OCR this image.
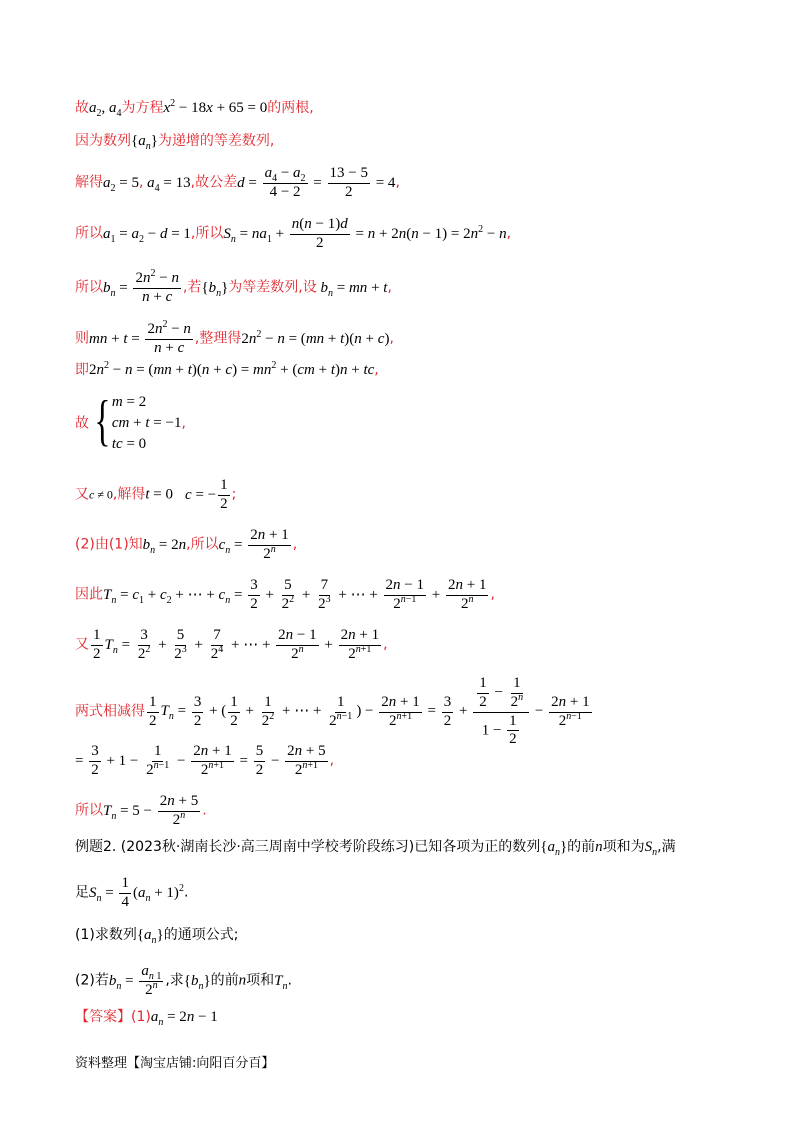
故$a_2$, $a_4$为方程$x^2 - 18x + 65 = 0$的两根,
因为数列$\{a_n\}$为递增的等差数列,
解得$a_2 = 5$, $a_4 = 13$,故公差$d = \frac{a_4 - a_2}{4 - 2} = \frac{13 - 5}{2} = 4$,
所以$a_1 = a_2 - d = 1$,所以$S_n = na_1 + \frac{n(n - 1)d}{2} = n + 2n(n - 1) = 2n^2 - n$,
所以$b_n = \frac{2n^2 - n}{n + c}$ ,若$\{b_n\}$为等差数列,设 $b_n$ = mn + t,
则mn + $t = \frac{2n^2 - n}{n + c}$ ,整理得$2n^2 - n = (mn + t)(n + c)$,
即$2n^2 - n = (mn + t)(n + c) = mn^2 + (cm + t)n$ + tc,
故 { m = 2
cm + t = −1
tc = 0
,
又c ≠ 0,解得t = 0 c = − $\frac{1}{2}$ ;
(2)由(1)知$b_n = 2n$,所以$c_n = \frac{2n + 1}{2^n}$ ,
因此$T_n = c_1 + c_2$ + ⋯ + $c_n = \frac{3}{2} + \frac{5}{2^2} + \frac{7}{2^3}$ + ⋯ + $\frac{2n - 1}{2^{n-1}} + \frac{2n + 1}{2^n}$ ,
又 $\frac{1}{2} T_n = \frac{3}{2^2} + \frac{5}{2^3} + \frac{7}{2^4}$ + ⋯ + $\frac{2n - 1}{2^n} + \frac{2n + 1}{2^{n+1}}$ ,
两式相减得 $\frac{1}{2} T_n = \frac{3}{2}$ + ( $\frac{1}{2} + \frac{1}{2^2}$ + ⋯ + $\frac{1}{2^{n-1}}$ ) − $\frac{2n + 1}{2^{n+1}} = \frac{3}{2} + \frac{\frac{1}{2} - \frac{1}{2^n}}{1 - \frac{1}{2}} - \frac{2n + 1}{2^{n-1}}$
= $\frac{3}{2} + 1 - \frac{1}{2^{n-1}} - \frac{2n + 1}{2^{n+1}} = \frac{5}{2} - \frac{2n + 5}{2^{n+1}}$ ,
所以$T_n = 5 - \frac{2n + 5}{2^n}$ .
例题2. (2023秋·湖南长沙·高三周南中学校考阶段练习)已知各项为正的数列$\{a_n\}$的前n项和为$S_n$,满
足$S_n = \frac{1}{4} (a_n + 1)^2$.
(1)求数列$\{a_n\}$的通项公式;
(2)若$b_n = \frac{a_{n 1}}{2^n}$ ,求$\{b_n\}$的前n项和$T_n$.
【答案】$(1)a_n = 2n - 1$
资料整理【淘宝店铺:向阳百分百】
